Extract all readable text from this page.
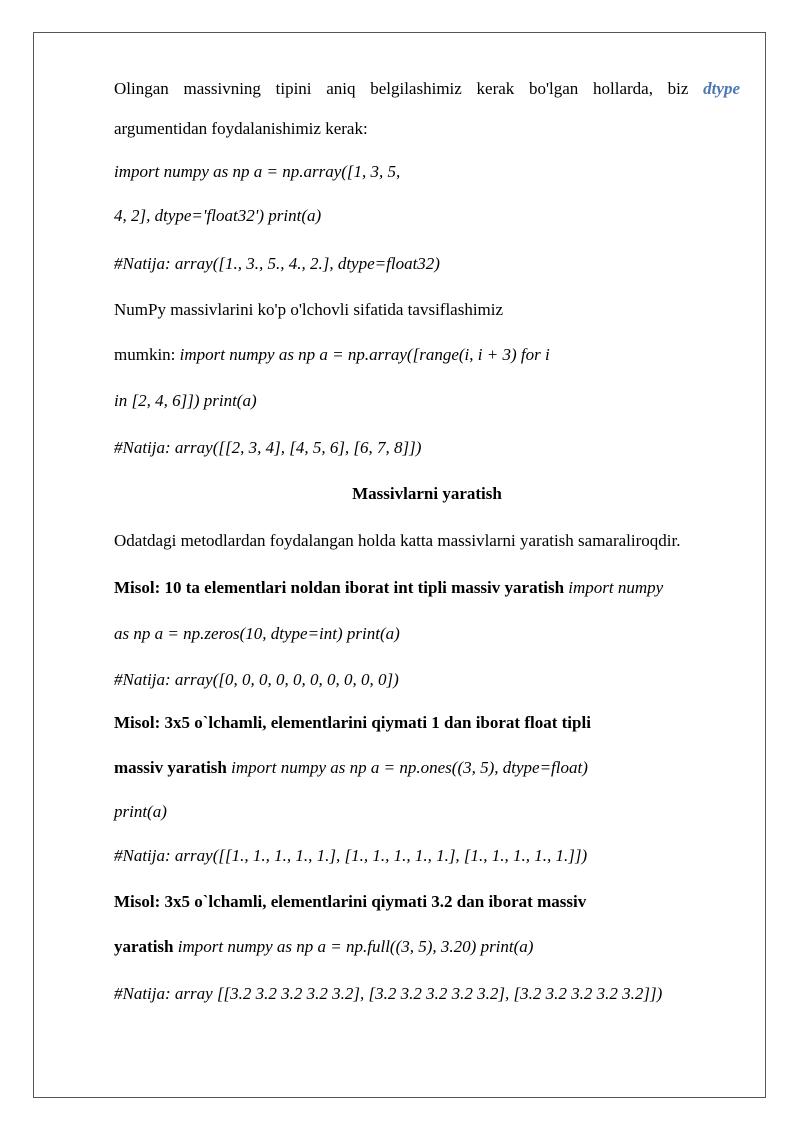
Olingan massivning tipini aniq belgilashimiz kerak bo'lgan hollarda, biz dtype
argumentidan foydalanishimiz kerak:
import numpy as np a = np.array([1, 3, 5,
4, 2], dtype='float32') print(a)
#Natija: array([1., 3., 5., 4., 2.], dtype=float32)
NumPy massivlarini ko'p o'lchovli sifatida tavsiflashimiz
mumkin: import numpy as np a = np.array([range(i, i + 3) for i
in [2, 4, 6]]) print(a)
#Natija: array([[2, 3, 4], [4, 5, 6], [6, 7, 8]])
Massivlarni yaratish
Odatdagi metodlardan foydalangan holda katta massivlarni yaratish samaraliroqdir.
Misol: 10 ta elementlari noldan iborat int tipli massiv yaratish import numpy
as np a = np.zeros(10, dtype=int) print(a)
#Natija: array([0, 0, 0, 0, 0, 0, 0, 0, 0, 0])
Misol: 3x5 o`lchamli, elementlarini qiymati 1 dan iborat float tipli
massiv yaratish import numpy as np a = np.ones((3, 5), dtype=float)
print(a)
#Natija: array([[1., 1., 1., 1., 1.], [1., 1., 1., 1., 1.], [1., 1., 1., 1., 1.]])
Misol: 3x5 o`lchamli, elementlarini qiymati 3.2 dan iborat massiv
yaratish import numpy as np a = np.full((3, 5), 3.20) print(a)
#Natija: array [[3.2 3.2 3.2 3.2 3.2], [3.2 3.2 3.2 3.2 3.2], [3.2 3.2 3.2 3.2 3.2]])
